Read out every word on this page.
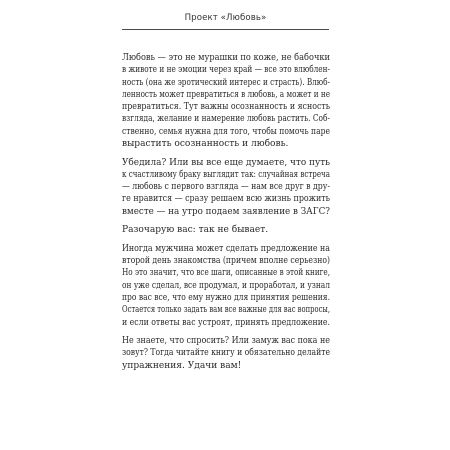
Проект «Любовь»

Любовь — это не мурашки по коже, не бабочки
в животе и не эмоции через край — все это влюблен-
ность (она же эротический интерес и страсть). Влюб-
ленность может превратиться в любовь, а может и не
превратиться. Тут важны осознанность и ясность
взгляда, желание и намерение любовь растить. Соб-
ственно, семья нужна для того, чтобы помочь паре
вырастить осознанность и любовь.

Убедила? Или вы все еще думаете, что путь
к счастливому браку выглядит так: случайная встреча
— любовь с первого взгляда — нам все друг в дру-
ге нравится — сразу решаем всю жизнь прожить
вместе — на утро подаем заявление в ЗАГС?

Разочарую вас: так не бывает.

Иногда мужчина может сделать предложение на
второй день знакомства (причем вполне серьезно)
Но это значит, что все шаги, описанные в этой книге,
он уже сделал, все продумал, и проработал, и узнал
про вас все, что ему нужно для принятия решения.
Остается только задать вам все важные для вас вопросы,
и если ответы вас устроят, принять предложение.

Не знаете, что спросить? Или замуж вас пока не
зовут? Тогда читайте книгу и обязательно делайте
упражнения. Удачи вам!
